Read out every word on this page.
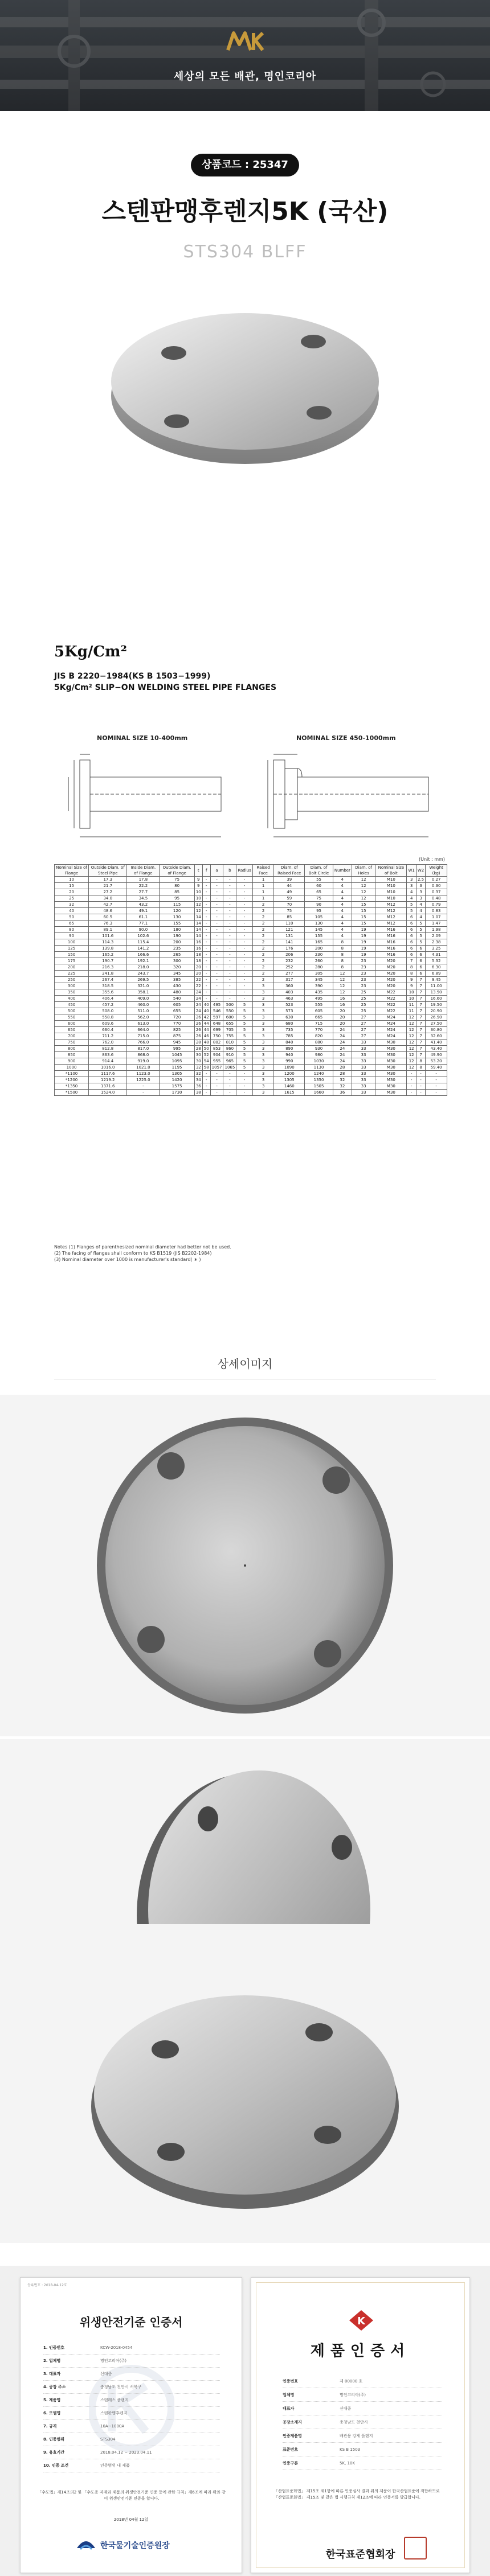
세상의 모든 배관, 명인코리아
상품코드 : 25347
스텐판맹후렌지5K (국산)
STS304 BLFF
5Kg/Cm²
JIS B 2220−1984(KS B 1503−1999)
5Kg/Cm² SLIP−ON WELDING STEEL PIPE FLANGES
NOMINAL SIZE 10-400mm	NOMINAL SIZE 450-1000mm
(Unit : mm)
Nominal Size of Flange	Outside Diam. of Steel Pipe	Inside Diam. of Flange	Outside Diam. of Flange	t	f	a	b	Radius	Raised Face	Diam. of Raised Face	Diam. of Bolt Circle	Number	Diam. of Holes	Nominal Size of Bolt	W1	W2	Weight (kg)
10	17.3	17.8	75	9	-	-	-	-	1	39	55	4	12	M10	3	2.5	0.27
15	21.7	22.2	80	9	-	-	-	-	1	44	60	4	12	M10	3	3	0.30
20	27.2	27.7	85	10	-	-	-	-	1	49	65	4	12	M10	4	3	0.37
25	34.0	34.5	95	10	-	-	-	-	1	59	75	4	12	M10	4	3	0.48
32	42.7	43.2	115	12	-	-	-	-	2	70	90	4	15	M12	5	4	0.79
40	48.6	49.1	120	12	-	-	-	-	2	75	95	4	15	M12	5	4	0.83
50	60.5	61.1	130	14	-	-	-	-	2	85	105	4	15	M12	6	4	1.07
65	76.3	77.1	155	14	-	-	-	-	2	110	130	4	15	M12	6	5	1.47
80	89.1	90.0	180	14	-	-	-	-	2	121	145	4	19	M16	6	5	1.98
90	101.6	102.6	190	14	-	-	-	-	2	131	155	4	19	M16	6	5	2.09
100	114.3	115.4	200	16	-	-	-	-	2	141	165	8	19	M16	6	5	2.38
125	139.8	141.2	235	16	-	-	-	-	2	176	200	8	19	M16	6	6	3.25
150	165.2	166.6	265	18	-	-	-	-	2	206	230	8	19	M16	6	6	4.31
175	190.7	192.1	300	18	-	-	-	-	2	232	260	8	23	M20	7	6	5.32
200	216.3	218.0	320	20	-	-	-	-	2	252	280	8	23	M20	8	6	6.30
225	241.8	243.7	345	20	-	-	-	-	2	277	305	12	23	M20	8	6	6.89
250	267.4	269.5	385	22	-	-	-	-	2	317	345	12	23	M20	9	7	9.45
300	318.5	321.0	430	22	-	-	-	-	3	360	390	12	23	M20	9	7	11.00
350	355.6	358.1	480	24	-	-	-	-	3	403	435	12	25	M22	10	7	13.90
400	406.4	409.0	540	24	-	-	-	-	3	463	495	16	25	M22	10	7	16.60
450	457.2	460.0	605	24	40	495	500	5	3	523	555	16	25	M22	11	7	19.50
500	508.0	511.0	655	24	40	546	550	5	3	573	605	20	25	M22	11	7	20.90
550	558.8	562.0	720	26	42	597	600	5	3	630	665	20	27	M24	12	7	26.90
600	609.6	613.0	770	26	44	648	655	5	3	680	715	20	27	M24	12	7	27.50
650	660.4	664.0	825	26	44	699	705	5	3	735	770	24	27	M24	12	7	30.80
700	711.2	715.0	875	26	46	750	755	5	3	785	820	24	27	M24	12	7	32.60
750	762.0	766.0	945	28	48	802	810	5	3	840	880	24	33	M30	12	7	41.40
800	812.8	817.0	995	28	50	853	860	5	3	890	930	24	33	M30	12	7	43.40
850	863.6	868.0	1045	30	52	904	910	5	3	940	980	24	33	M30	12	7	49.90
900	914.4	919.0	1095	30	54	955	965	5	3	990	1030	24	33	M30	12	8	53.20
1000	1016.0	1021.0	1195	32	58	1057	1065	5	3	1090	1130	28	33	M30	12	8	59.40
*1100	1117.6	1123.0	1305	32	-	-	-	-	3	1200	1240	28	33	M30	-	-	-
*1200	1219.2	1225.0	1420	34	-	-	-	-	3	1305	1350	32	33	M30	-	-	-
*1350	1371.6	-	1575	36	-	-	-	-	3	1460	1505	32	33	M30	-	-	-
*1500	1524.0	-	1730	38	-	-	-	-	3	1615	1660	36	33	M30	-	-	-
Notes (1) Flanges of parenthesized nominal diameter had better not be used.
(2) The facing of flanges shall conform to KS B1519 (JIS B2202-1984)
(3) Nominal diameter over 1000 is manufacturer's standard( ∗ )
상세이미지
등록번호 : 2018-04-12호
위생안전기준 인증서
1. 인증번호	KCW-2018-0454
2. 업체명	명인코리아(주)
3. 대표자	신대중
4. 공장 주소	충청남도 천안시 서북구
5. 제품명	스텐레스 플랜지
6. 모델명	스텐판맹후렌지
7. 규격	10A~1000A
8. 인증범위	STS304
9. 유효기간	2018.04.12 ~ 2023.04.11
10. 인증 조건	인증범위 내 제품
「수도법」제14조의2 및 「수도용 자재와 제품의 위생안전기준 인증 등에 관한 규칙」제6조에 따라 위와 같이 위생안전기준 인증을 합니다.
2018년 04월 12일
한국물기술인증원장
K
제품인증서
인증번호	제 00000 호
업체명	명인코리아(주)
대표자	신대중
공장소재지	충청남도 천안시
인증제품명	배관용 강제 플랜지
표준번호	KS B 1503
인증구분	5K, 10K
「산업표준화법」 제15조 제1항에 따른 인증심사 결과 위의 제품이 한국산업표준에 적합하므로 「산업표준화법」 제15조 및 같은 법 시행규칙 제12조에 따라 인증서를 발급합니다.
한국표준협회장
